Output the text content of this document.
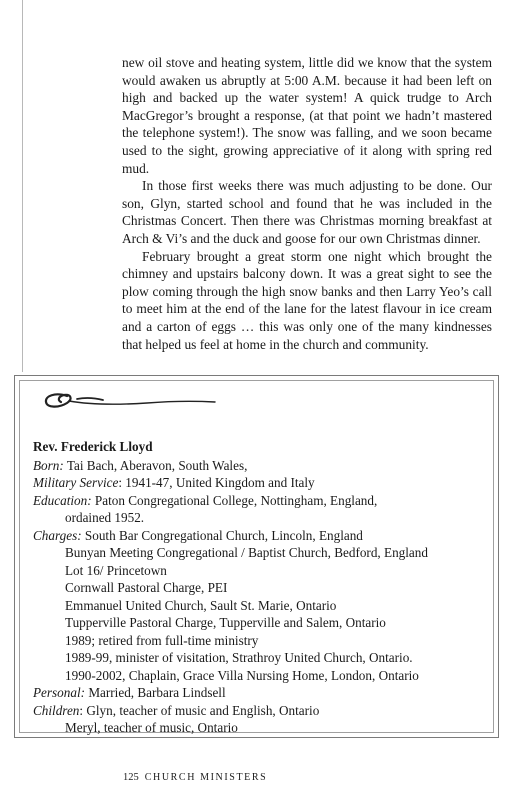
new oil stove and heating system, little did we know that the system would awaken us abruptly at 5:00 A.M. because it had been left on high and backed up the water system! A quick trudge to Arch MacGregor’s brought a response, (at that point we hadn’t mastered the telephone system!). The snow was falling, and we soon became used to the sight, growing appreciative of it along with spring red mud.

In those first weeks there was much adjusting to be done. Our son, Glyn, started school and found that he was included in the Christmas Concert. Then there was Christmas morning breakfast at Arch & Vi’s and the duck and goose for our own Christmas dinner.

February brought a great storm one night which brought the chimney and upstairs balcony down. It was a great sight to see the plow coming through the high snow banks and then Larry Yeo’s call to meet him at the end of the lane for the latest flavour in ice cream and a carton of eggs … this was only one of the many kindnesses that helped us feel at home in the church and community.

Rev. Frederick Lloyd
Born: Tai Bach, Aberavon, South Wales,
Military Service: 1941-47, United Kingdom and Italy
Education: Paton Congregational College, Nottingham, England,
ordained 1952.
Charges: South Bar Congregational Church, Lincoln, England
Bunyan Meeting Congregational / Baptist Church, Bedford, England
Lot 16/ Princetown
Cornwall Pastoral Charge, PEI
Emmanuel United Church, Sault St. Marie, Ontario
Tupperville Pastoral Charge, Tupperville and Salem, Ontario
1989; retired from full-time ministry
1989-99, minister of visitation, Strathroy United Church, Ontario.
1990-2002, Chaplain, Grace Villa Nursing Home, London, Ontario
Personal: Married, Barbara Lindsell
Children: Glyn, teacher of music and English, Ontario
Meryl, teacher of music, Ontario
125 CHURCH MINISTERS
